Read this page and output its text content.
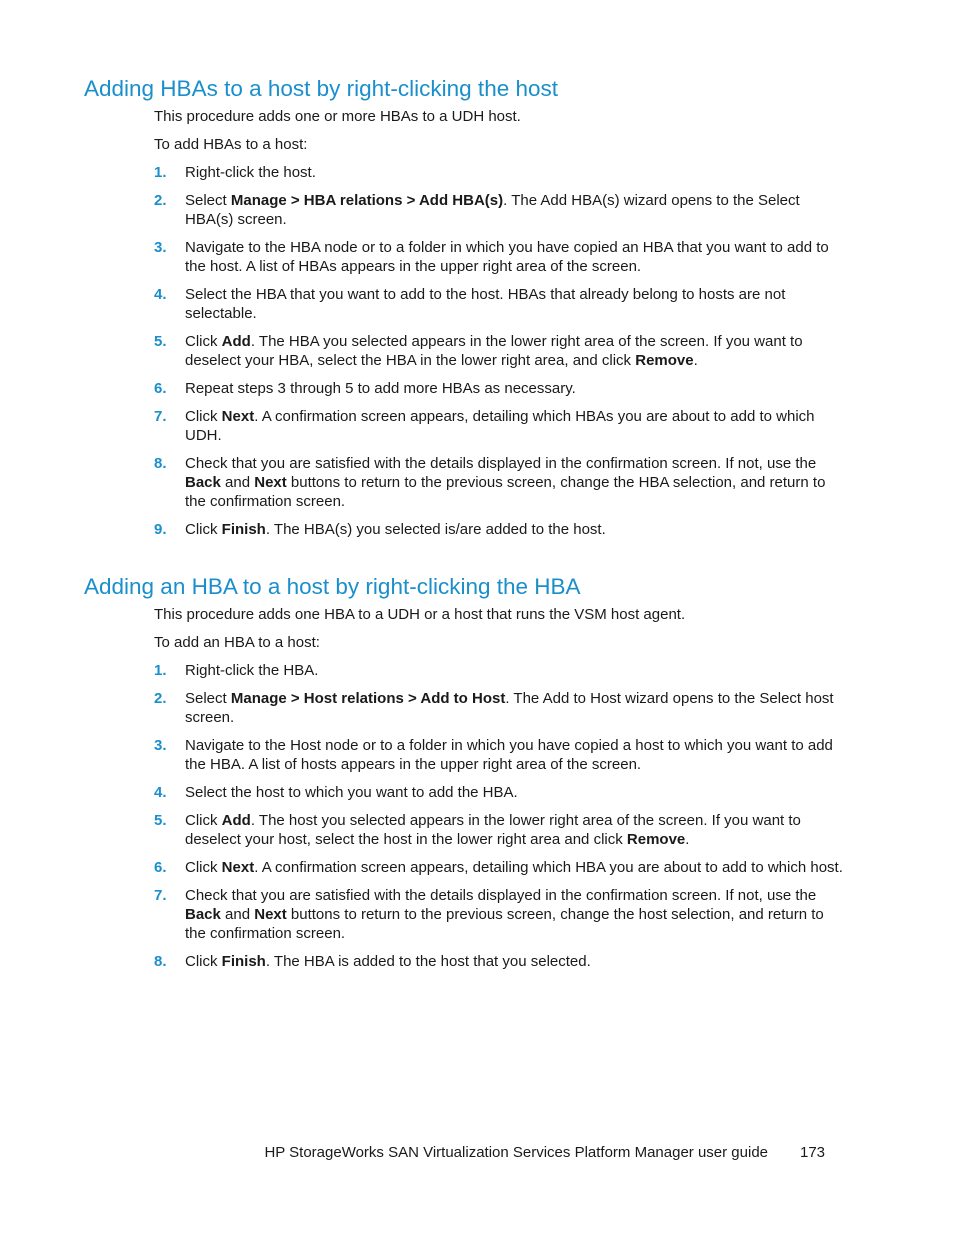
Adding HBAs to a host by right-clicking the host

This procedure adds one or more HBAs to a UDH host.

To add HBAs to a host:

1.	Right-click the host.
2.	Select Manage > HBA relations > Add HBA(s). The Add HBA(s) wizard opens to the Select HBA(s) screen.
3.	Navigate to the HBA node or to a folder in which you have copied an HBA that you want to add to the host. A list of HBAs appears in the upper right area of the screen.
4.	Select the HBA that you want to add to the host. HBAs that already belong to hosts are not selectable.
5.	Click Add. The HBA you selected appears in the lower right area of the screen. If you want to deselect your HBA, select the HBA in the lower right area, and click Remove.
6.	Repeat steps 3 through 5 to add more HBAs as necessary.
7.	Click Next. A confirmation screen appears, detailing which HBAs you are about to add to which UDH.
8.	Check that you are satisfied with the details displayed in the confirmation screen. If not, use the Back and Next buttons to return to the previous screen, change the HBA selection, and return to the confirmation screen.
9.	Click Finish. The HBA(s) you selected is/are added to the host.
Adding an HBA to a host by right-clicking the HBA

This procedure adds one HBA to a UDH or a host that runs the VSM host agent.

To add an HBA to a host:

1.	Right-click the HBA.
2.	Select Manage > Host relations > Add to Host. The Add to Host wizard opens to the Select host screen.
3.	Navigate to the Host node or to a folder in which you have copied a host to which you want to add the HBA. A list of hosts appears in the upper right area of the screen.
4.	Select the host to which you want to add the HBA.
5.	Click Add. The host you selected appears in the lower right area of the screen. If you want to deselect your host, select the host in the lower right area and click Remove.
6.	Click Next. A confirmation screen appears, detailing which HBA you are about to add to which host.
7.	Check that you are satisfied with the details displayed in the confirmation screen. If not, use the Back and Next buttons to return to the previous screen, change the host selection, and return to the confirmation screen.
8.	Click Finish. The HBA is added to the host that you selected.
HP StorageWorks SAN Virtualization Services Platform Manager user guide 173
